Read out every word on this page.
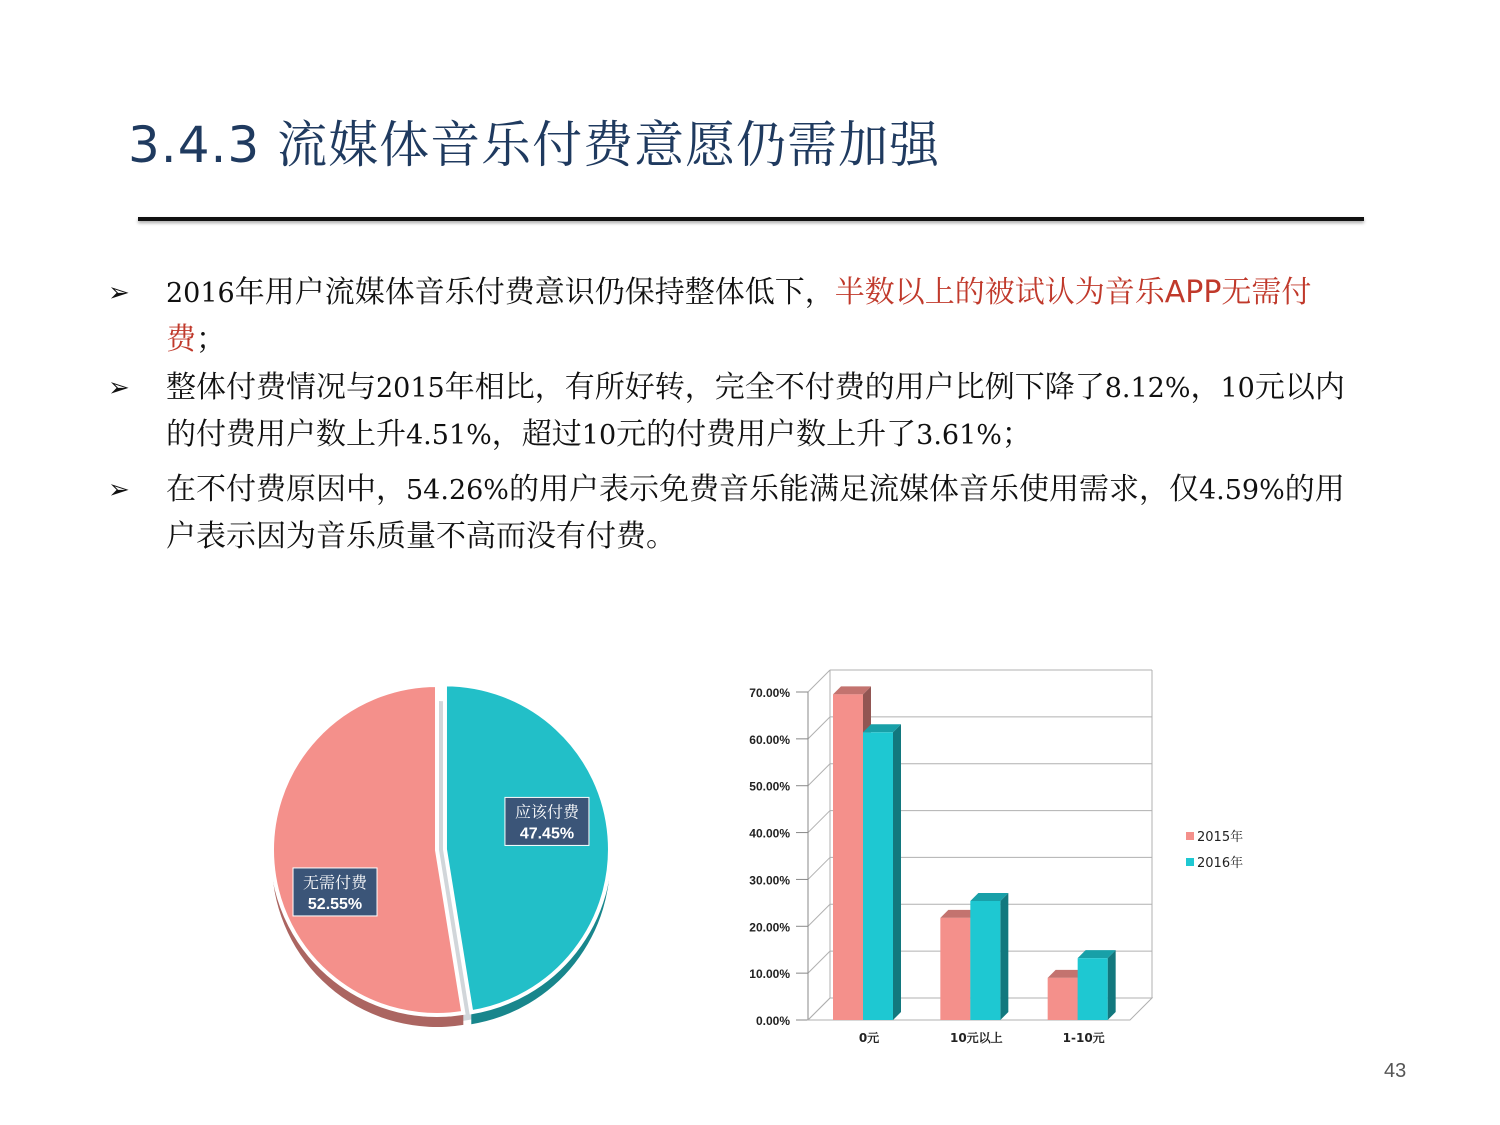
3.4.3 流媒体音乐付费意愿仍需加强
➢ 2016年用户流媒体音乐付费意识仍保持整体低下，半数以上的被试认为音乐APP无需付费；
➢ 整体付费情况与2015年相比，有所好转，完全不付费的用户比例下降了8.12%，10元以内的付费用户数上升4.51%，超过10元的付费用户数上升了3.61%；
➢ 在不付费原因中，54.26%的用户表示免费音乐能满足流媒体音乐使用需求，仅4.59%的用户表示因为音乐质量不高而没有付费。
无需付费
52.55%
应该付费
47.45%
0.00%
10.00%
20.00%
30.00%
40.00%
50.00%
60.00%
70.00%
0元	10元以上	1-10元
2015年
2016年
43
